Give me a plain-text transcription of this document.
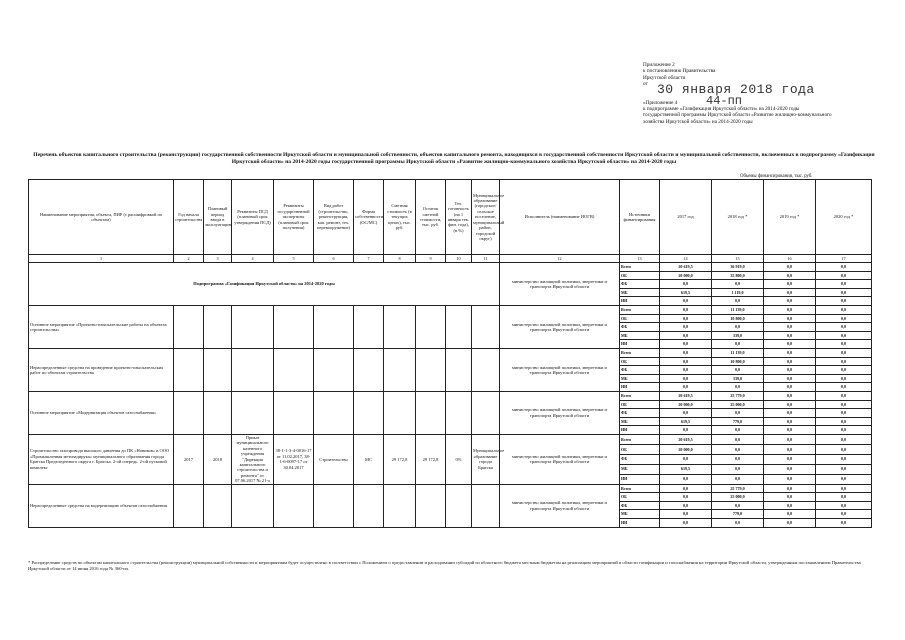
Приложение 2
к постановлению Правительства
Иркутской области
от
«Приложение 4
к подпрограмме «Газификация Иркутской области» на 2014-2020 годы
государственной программы Иркутской области «Развитие жилищно-коммунального
хозяйства Иркутской области» на 2014-2020 годы
30 января 2018 года
44-пп
Перечень объектов капитального строительства (реконструкции) государственной собственности Иркутской области и муниципальной собственности, объектов капитального ремонта, находящихся в государственной собственности Иркутской области и муниципальной собственности, включенных в подпрограмму «Газификация Иркутской области» на 2014-2020 годы государственной программы Иркутской области «Развитие жилищно-коммунального хозяйства Иркутской области» на 2014-2020 годы
Объемы финансирования, тыс. руб.
Наименование мероприятия, объекта, ПИР (с расшифровкой по объектам)	Год начала строительства	Плановый период ввода в эксплуатацию	Реквизиты ПСД (плановый срок утверждения ПСД)	Реквизиты государственной экспертизы (плановый срок получения)	Вид работ (строительство, реконструкция, кап. ремонт, тех. перевооружение)	Форма собственности (ОС/МС)	Сметная стоимость (в текущих ценах), тыс. руб.	Остаток сметной стоимости, тыс. руб.	Тех. готовность (на 1 января тек. фин. года), (в %)	Муниципальное образование (городское/сельское поселение, муниципальный район, городской округ)	Исполнитель (наименование ИОГВ)	Источники финансирования	2017 год	2018 год *	2019 год *	2020 год *
1	2	3	4	5	6	7	8	9	10	11	12	13	14	15	16	17
Подпрограмма «Газификация Иркутской области» на 2014-2020 годы											министерство жилищной политики, энергетики и транспорта Иркутской области	Всего	20 619,5	36 919,0	0,0	0,0
												ОБ	20 000,0	35 800,0	0,0	0,0
												ФБ	0,0	0,0	0,0	0,0
												МБ	619,5	1 119,0	0,0	0,0
												ИИ	0,0	0,0	0,0	0,0
Основное мероприятие «Проектно-изыскательские работы на объектах строительства»											министерство жилищной политики, энергетики и транспорта Иркутской области	Всего	0,0	11 139,0	0,0	0,0
												ОБ	0,0	10 800,0	0,0	0,0
												ФБ	0,0	0,0	0,0	0,0
												МБ	0,0	339,0	0,0	0,0
												ИИ	0,0	0,0	0,0	0,0
Нераспределенные средства на проведение проектно-изыскательских работ по объектам строительства											министерство жилищной политики, энергетики и транспорта Иркутской области	Всего	0,0	11 139,0	0,0	0,0
												ОБ	0,0	10 800,0	0,0	0,0
												ФБ	0,0	0,0	0,0	0,0
												МБ	0,0	339,0	0,0	0,0
												ИИ	0,0	0,0	0,0	0,0
Основное мероприятие «Модернизация объектов газоснабжения»											министерство жилищной политики, энергетики и транспорта Иркутской области	Всего	20 619,5	25 779,0	0,0	0,0
												ОБ	20 000,0	25 000,0	0,0	0,0
												ФБ	0,0	0,0	0,0	0,0
												МБ	619,5	779,0	0,0	0,0
												ИИ	0,0	0,0	0,0	0,0
Строительство газопровода высокого давления до ПК «Новиков» в ООО «Промышленная метизадирука» муниципального образования города Братска Пределеденного округа г. Братска. 2-ой очередь. 2-ой пусковой комплекс	2017	2018	Приказ муниципального казенного учреждения "Дирекция капитального строительства и ремонта" от 07.06.2017 № 21-э	38-1-1-3-4-0016-17 от 11.02.2017, 38-1-6-0097-17 от 30.04.2017	Строительство	МС	29 172,8	29 172,8	0%	Муниципальное образование города Братска	министерство жилищной политики, энергетики и транспорта Иркутской области	Всего	20 619,5	0,0	0,0	0,0
												ОБ	20 000,0	0,0	0,0	0,0
												ФБ	0,0	0,0	0,0	0,0
												МБ	619,5	0,0	0,0	0,0
												ИИ	0,0	0,0	0,0	0,0
Нераспределенные средства на модернизацию объектов газоснабжения											министерство жилищной политики, энергетики и транспорта Иркутской области	Всего	0,0	25 779,0	0,0	0,0
												ОБ	0,0	25 000,0	0,0	0,0
												ФБ	0,0	0,0	0,0	0,0
												МБ	0,0	779,0	0,0	0,0
												ИИ	0,0	0,0	0,0	0,0
* Распределение средств по объектам капитального строительства (реконструкции) муниципальной собственности и мероприятиям будет осуществлено в соответствии с Положением о предоставлении и расходовании субсидий из областного бюджета местным бюджетам на реализацию мероприятий в области газификации и газоснабжения на территории Иркутской области, утвержденным постановлением Правительства Иркутской области от 14 июня 2016 года № 360-пп.
